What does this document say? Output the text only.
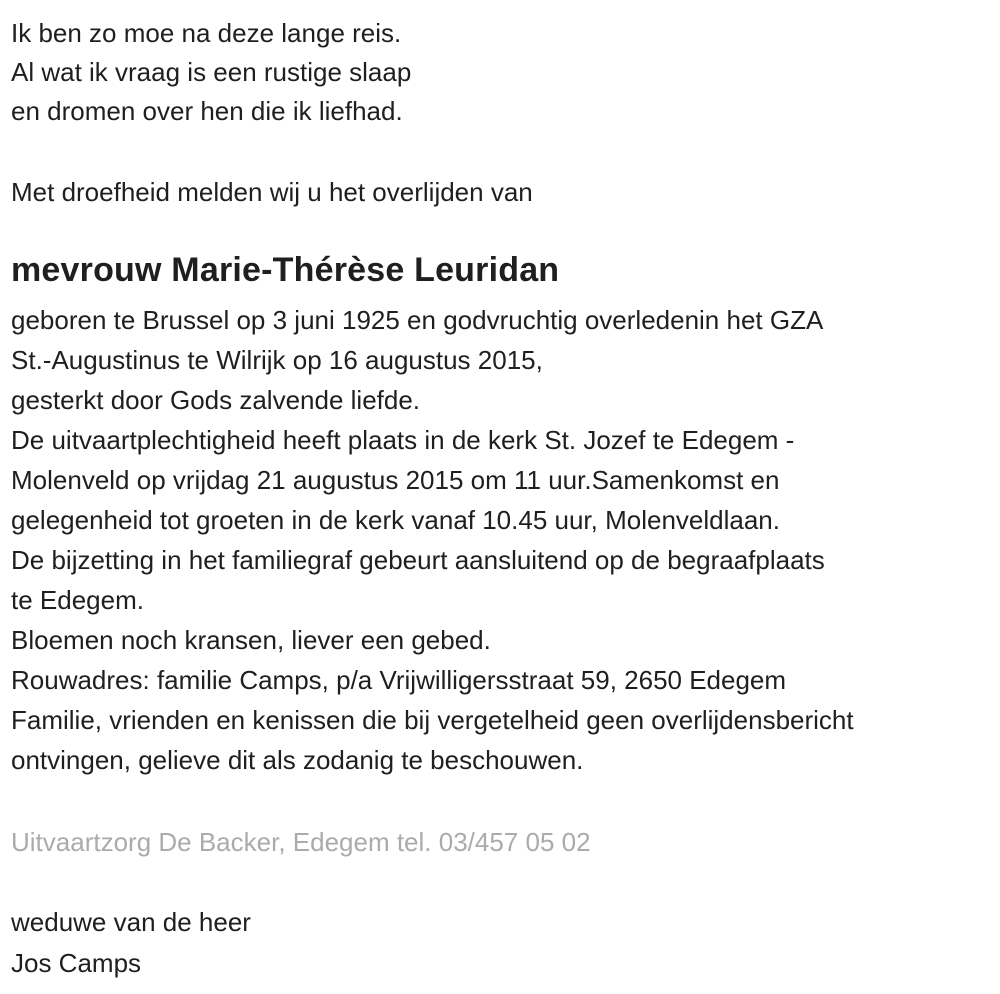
Ik ben zo moe na deze lange reis.
Al wat ik vraag is een rustige slaap
en dromen over hen die ik liefhad.
Met droefheid melden wij u het overlijden van
mevrouw Marie-Thérèse Leuridan
geboren te Brussel op 3 juni 1925 en godvruchtig overledenin het GZA
St.-Augustinus te Wilrijk op 16 augustus 2015,
gesterkt door Gods zalvende liefde.
De uitvaartplechtigheid heeft plaats in de kerk St. Jozef te Edegem -
Molenveld op vrijdag 21 augustus 2015 om 11 uur.Samenkomst en
gelegenheid tot groeten in de kerk vanaf 10.45 uur, Molenveldlaan.
De bijzetting in het familiegraf gebeurt aansluitend op de begraafplaats
te Edegem.
Bloemen noch kransen, liever een gebed.
Rouwadres: familie Camps, p/a Vrijwilligersstraat 59, 2650 Edegem
Familie, vrienden en kenissen die bij vergetelheid geen overlijdensbericht
ontvingen, gelieve dit als zodanig te beschouwen.
Uitvaartzorg De Backer, Edegem tel. 03/457 05 02
weduwe van de heer
Jos Camps
